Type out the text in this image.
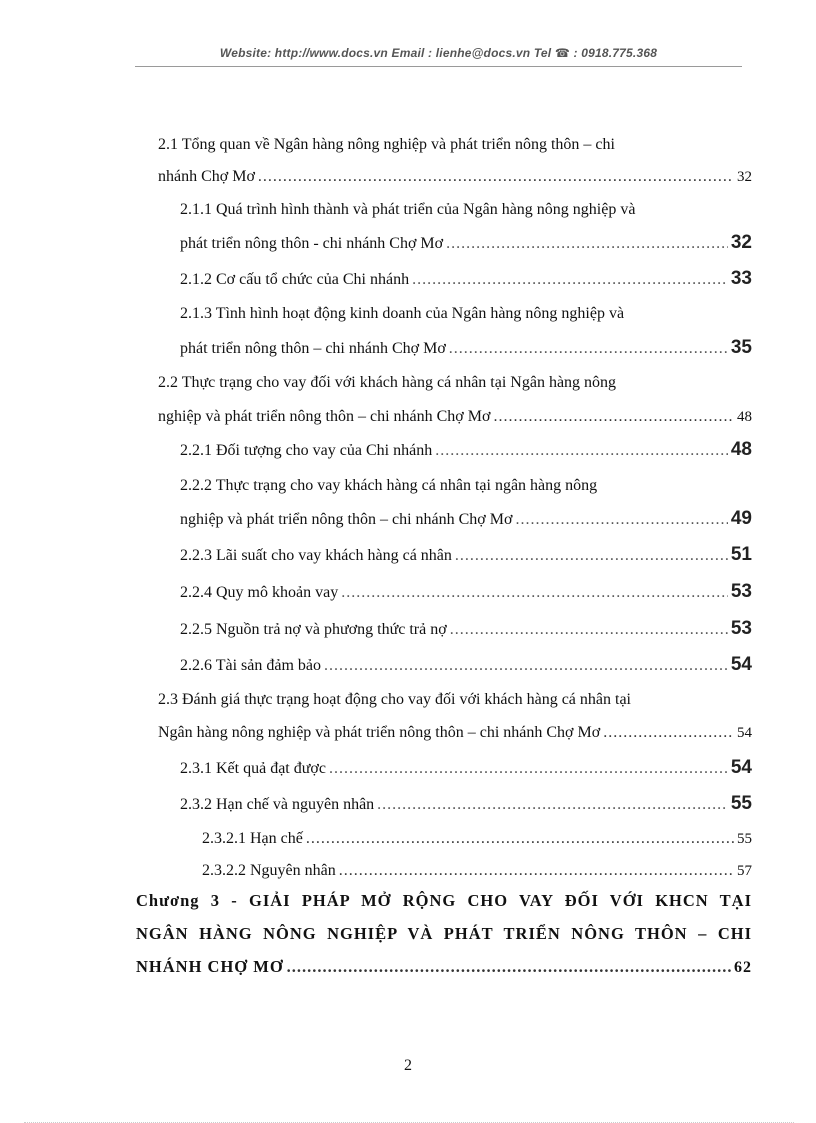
Website: http://www.docs.vn Email : lienhe@docs.vn Tel ☎ : 0918.775.368
2.1 Tổng quan về Ngân hàng nông nghiệp và phát triển nông thôn – chi
nhánh Chợ Mơ .....	32
2.1.1 Quá trình hình thành và phát triển của Ngân hàng nông nghiệp và
phát triển nông thôn - chi nhánh Chợ Mơ .....	32
2.1.2 Cơ cấu tổ chức của Chi nhánh .....	33
2.1.3 Tình hình hoạt động kinh doanh của Ngân hàng nông nghiệp và
phát triển nông thôn – chi nhánh Chợ Mơ .....	35
2.2 Thực trạng cho vay đối với khách hàng cá nhân tại Ngân hàng nông
nghiệp và phát triển nông thôn – chi nhánh Chợ Mơ .....	48
2.2.1 Đối tượng cho vay của Chi nhánh .....	48
2.2.2 Thực trạng cho vay khách hàng cá nhân tại ngân hàng nông
nghiệp và phát triển nông thôn – chi nhánh Chợ Mơ .....	49
2.2.3 Lãi suất cho vay khách hàng cá nhân .....	51
2.2.4 Quy mô khoản vay .....	53
2.2.5 Nguồn trả nợ và phương thức trả nợ .....	53
2.2.6 Tài sản đảm bảo .....	54
2.3 Đánh giá thực trạng hoạt động cho vay đối với khách hàng cá nhân tại
Ngân hàng nông nghiệp và phát triển nông thôn – chi nhánh Chợ Mơ .....	54
2.3.1 Kết quả đạt được .....	54
2.3.2 Hạn chế và nguyên nhân .....	55
2.3.2.1 Hạn chế .....	55
2.3.2.2 Nguyên nhân .....	57
Chương 3 - GIẢI PHÁP MỞ RỘNG CHO VAY ĐỐI VỚI KHCN TẠI
NGÂN HÀNG NÔNG NGHIỆP VÀ PHÁT TRIỂN NÔNG THÔN – CHI
NHÁNH CHỢ MƠ .....	62
2
